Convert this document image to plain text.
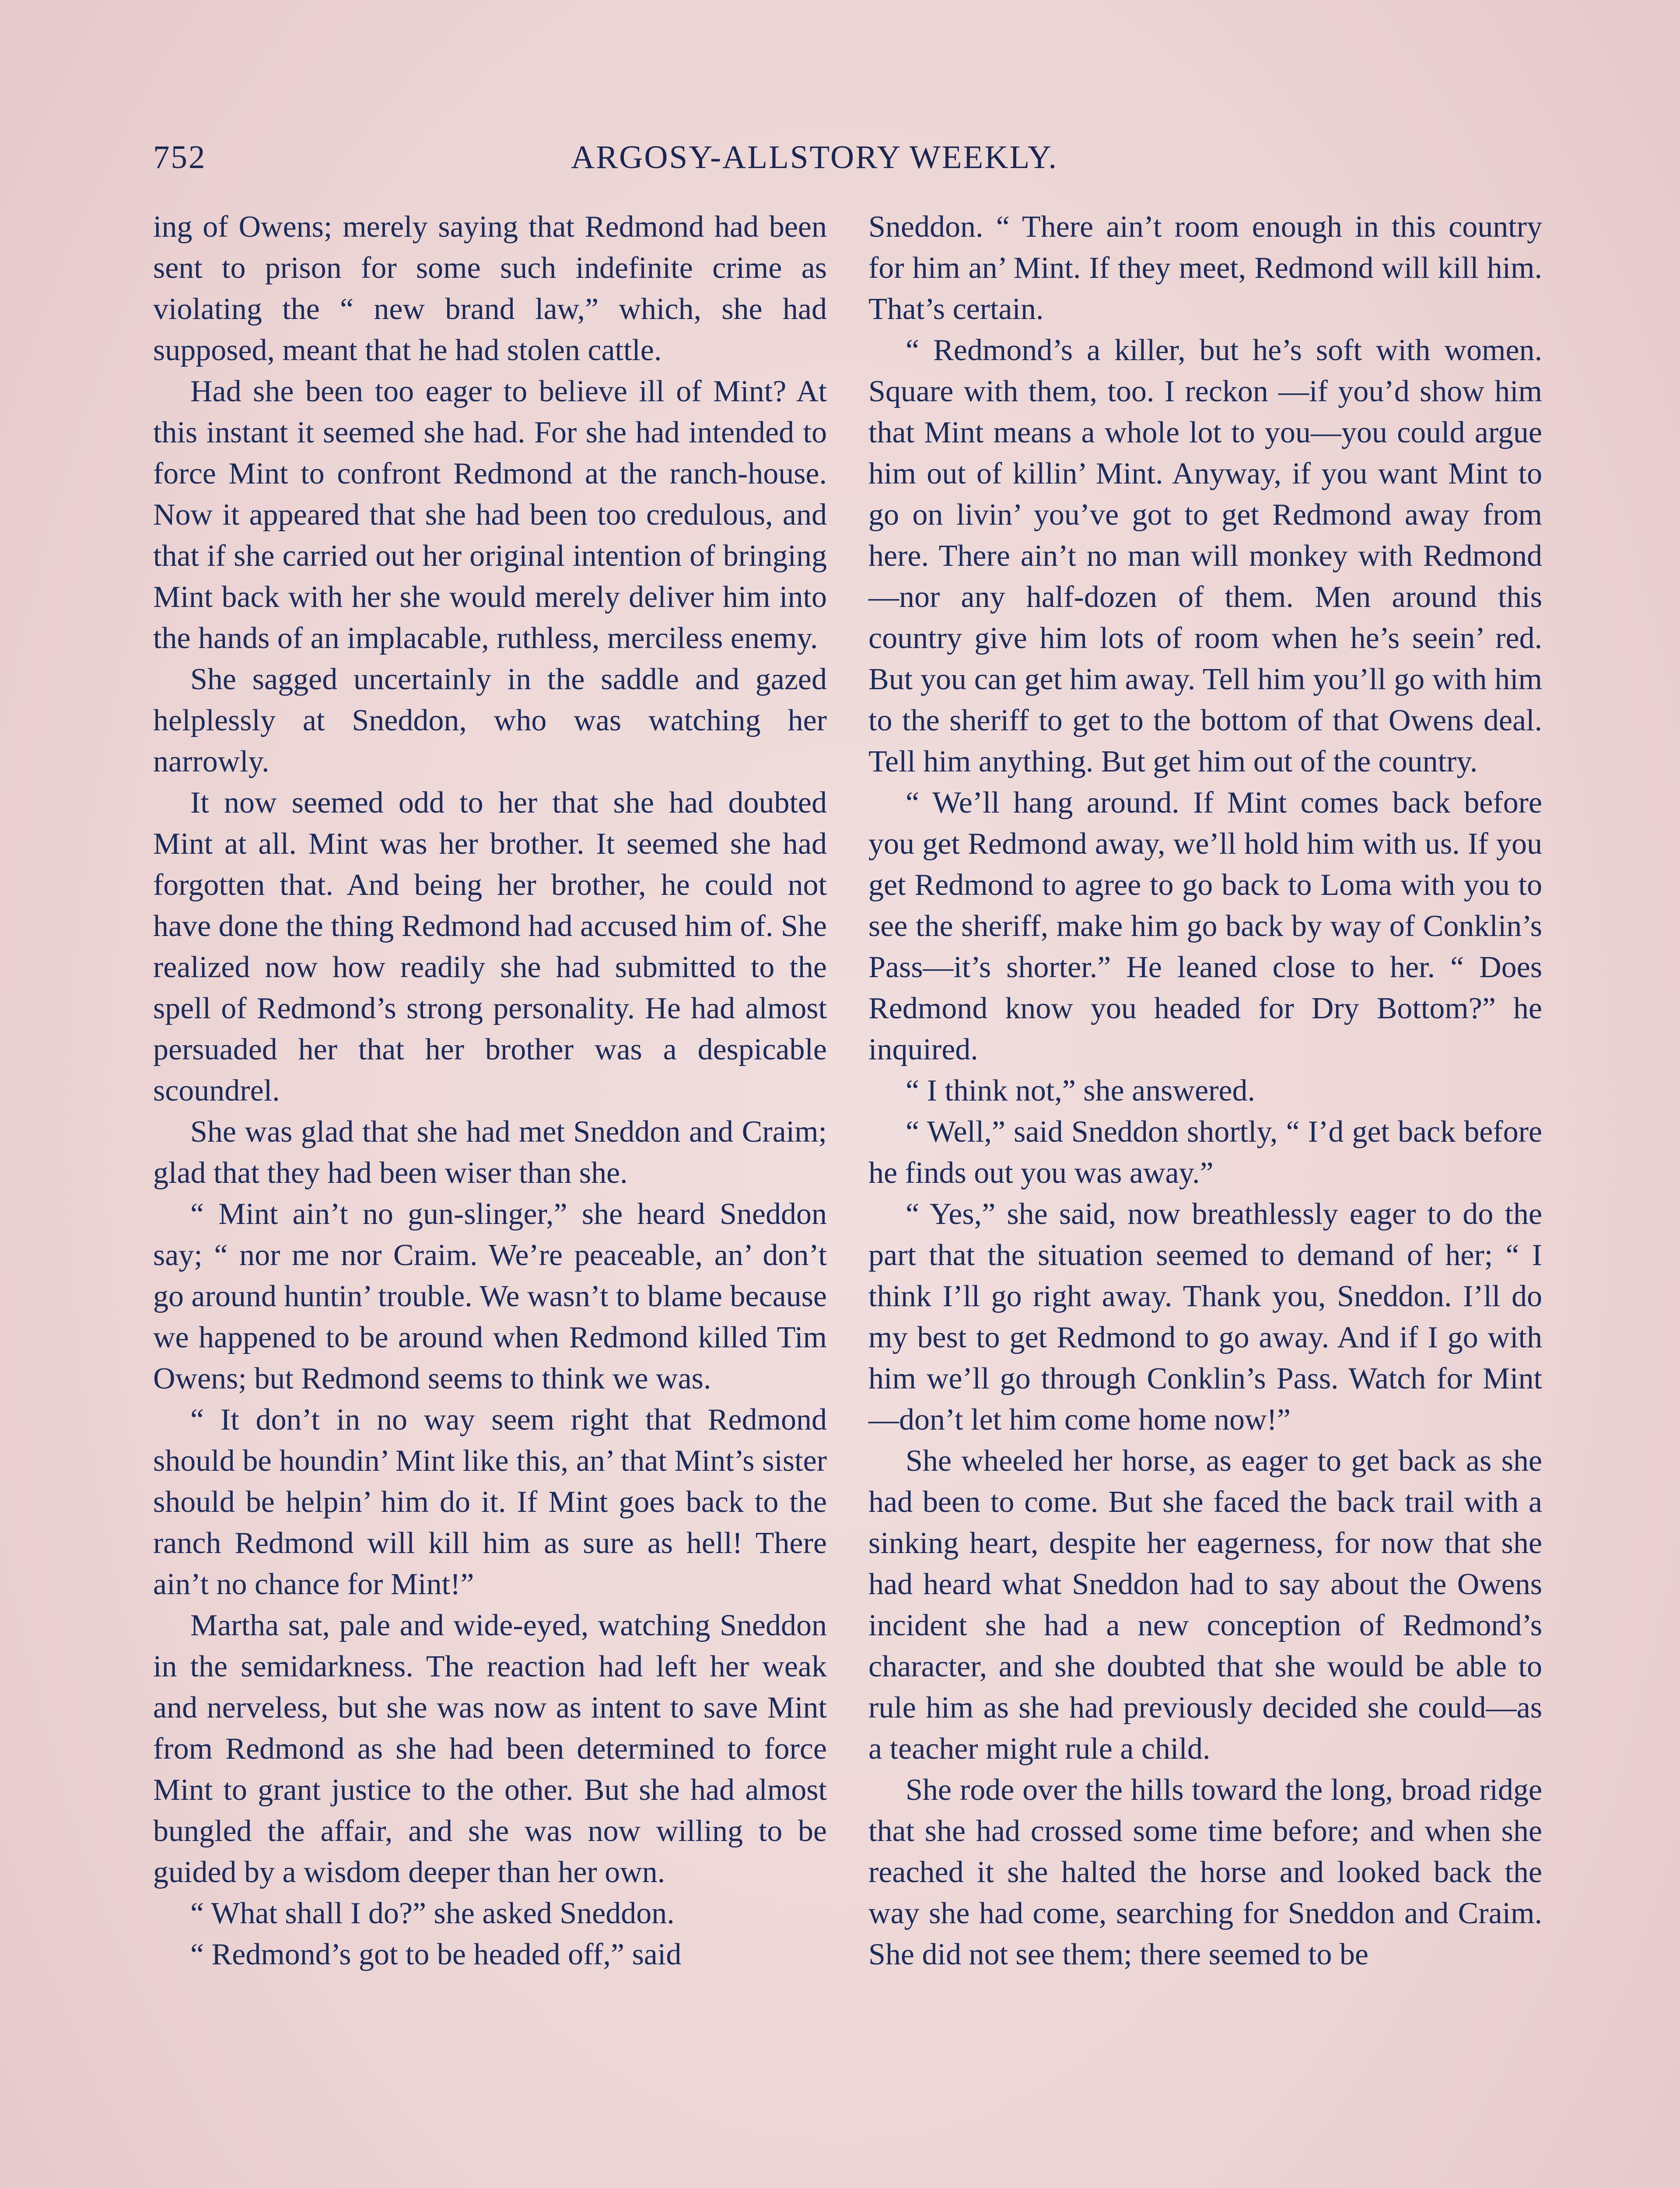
752	ARGOSY-ALLSTORY WEEKLY.

ing of Owens; merely saying that Redmond had been sent to prison for some such indefinite crime as violating the “ new brand law,” which, she had supposed, meant that he had stolen cattle.

Had she been too eager to believe ill of Mint? At this instant it seemed she had. For she had intended to force Mint to confront Redmond at the ranch-house. Now it appeared that she had been too credulous, and that if she carried out her original intention of bringing Mint back with her she would merely deliver him into the hands of an implacable, ruthless, merciless enemy.

She sagged uncertainly in the saddle and gazed helplessly at Sneddon, who was watching her narrowly.

It now seemed odd to her that she had doubted Mint at all. Mint was her brother. It seemed she had forgotten that. And being her brother, he could not have done the thing Redmond had accused him of. She realized now how readily she had submitted to the spell of Redmond’s strong personality. He had almost persuaded her that her brother was a despicable scoundrel.

She was glad that she had met Sneddon and Craim; glad that they had been wiser than she.

“ Mint ain’t no gun-slinger,” she heard Sneddon say; “ nor me nor Craim. We’re peaceable, an’ don’t go around huntin’ trouble. We wasn’t to blame because we happened to be around when Redmond killed Tim Owens; but Redmond seems to think we was.

“ It don’t in no way seem right that Redmond should be houndin’ Mint like this, an’ that Mint’s sister should be helpin’ him do it. If Mint goes back to the ranch Redmond will kill him as sure as hell! There ain’t no chance for Mint!”

Martha sat, pale and wide-eyed, watching Sneddon in the semidarkness. The reaction had left her weak and nerveless, but she was now as intent to save Mint from Redmond as she had been determined to force Mint to grant justice to the other. But she had almost bungled the affair, and she was now willing to be guided by a wisdom deeper than her own.

“ What shall I do?” she asked Sneddon.

“ Redmond’s got to be headed off,” said

Sneddon. “ There ain’t room enough in this country for him an’ Mint. If they meet, Redmond will kill him. That’s certain.

“ Redmond’s a killer, but he’s soft with women. Square with them, too. I reckon —if you’d show him that Mint means a whole lot to you—you could argue him out of killin’ Mint. Anyway, if you want Mint to go on livin’ you’ve got to get Redmond away from here. There ain’t no man will monkey with Redmond—nor any half-dozen of them. Men around this country give him lots of room when he’s seein’ red. But you can get him away. Tell him you’ll go with him to the sheriff to get to the bottom of that Owens deal. Tell him anything. But get him out of the country.

“ We’ll hang around. If Mint comes back before you get Redmond away, we’ll hold him with us. If you get Redmond to agree to go back to Loma with you to see the sheriff, make him go back by way of Conklin’s Pass—it’s shorter.” He leaned close to her. “ Does Redmond know you headed for Dry Bottom?” he inquired.

“ I think not,” she answered.

“ Well,” said Sneddon shortly, “ I’d get back before he finds out you was away.”

“ Yes,” she said, now breathlessly eager to do the part that the situation seemed to demand of her; “ I think I’ll go right away. Thank you, Sneddon. I’ll do my best to get Redmond to go away. And if I go with him we’ll go through Conklin’s Pass. Watch for Mint—don’t let him come home now!”

She wheeled her horse, as eager to get back as she had been to come. But she faced the back trail with a sinking heart, despite her eagerness, for now that she had heard what Sneddon had to say about the Owens incident she had a new conception of Redmond’s character, and she doubted that she would be able to rule him as she had previously decided she could—as a teacher might rule a child.

She rode over the hills toward the long, broad ridge that she had crossed some time before; and when she reached it she halted the horse and looked back the way she had come, searching for Sneddon and Craim. She did not see them; there seemed to be
